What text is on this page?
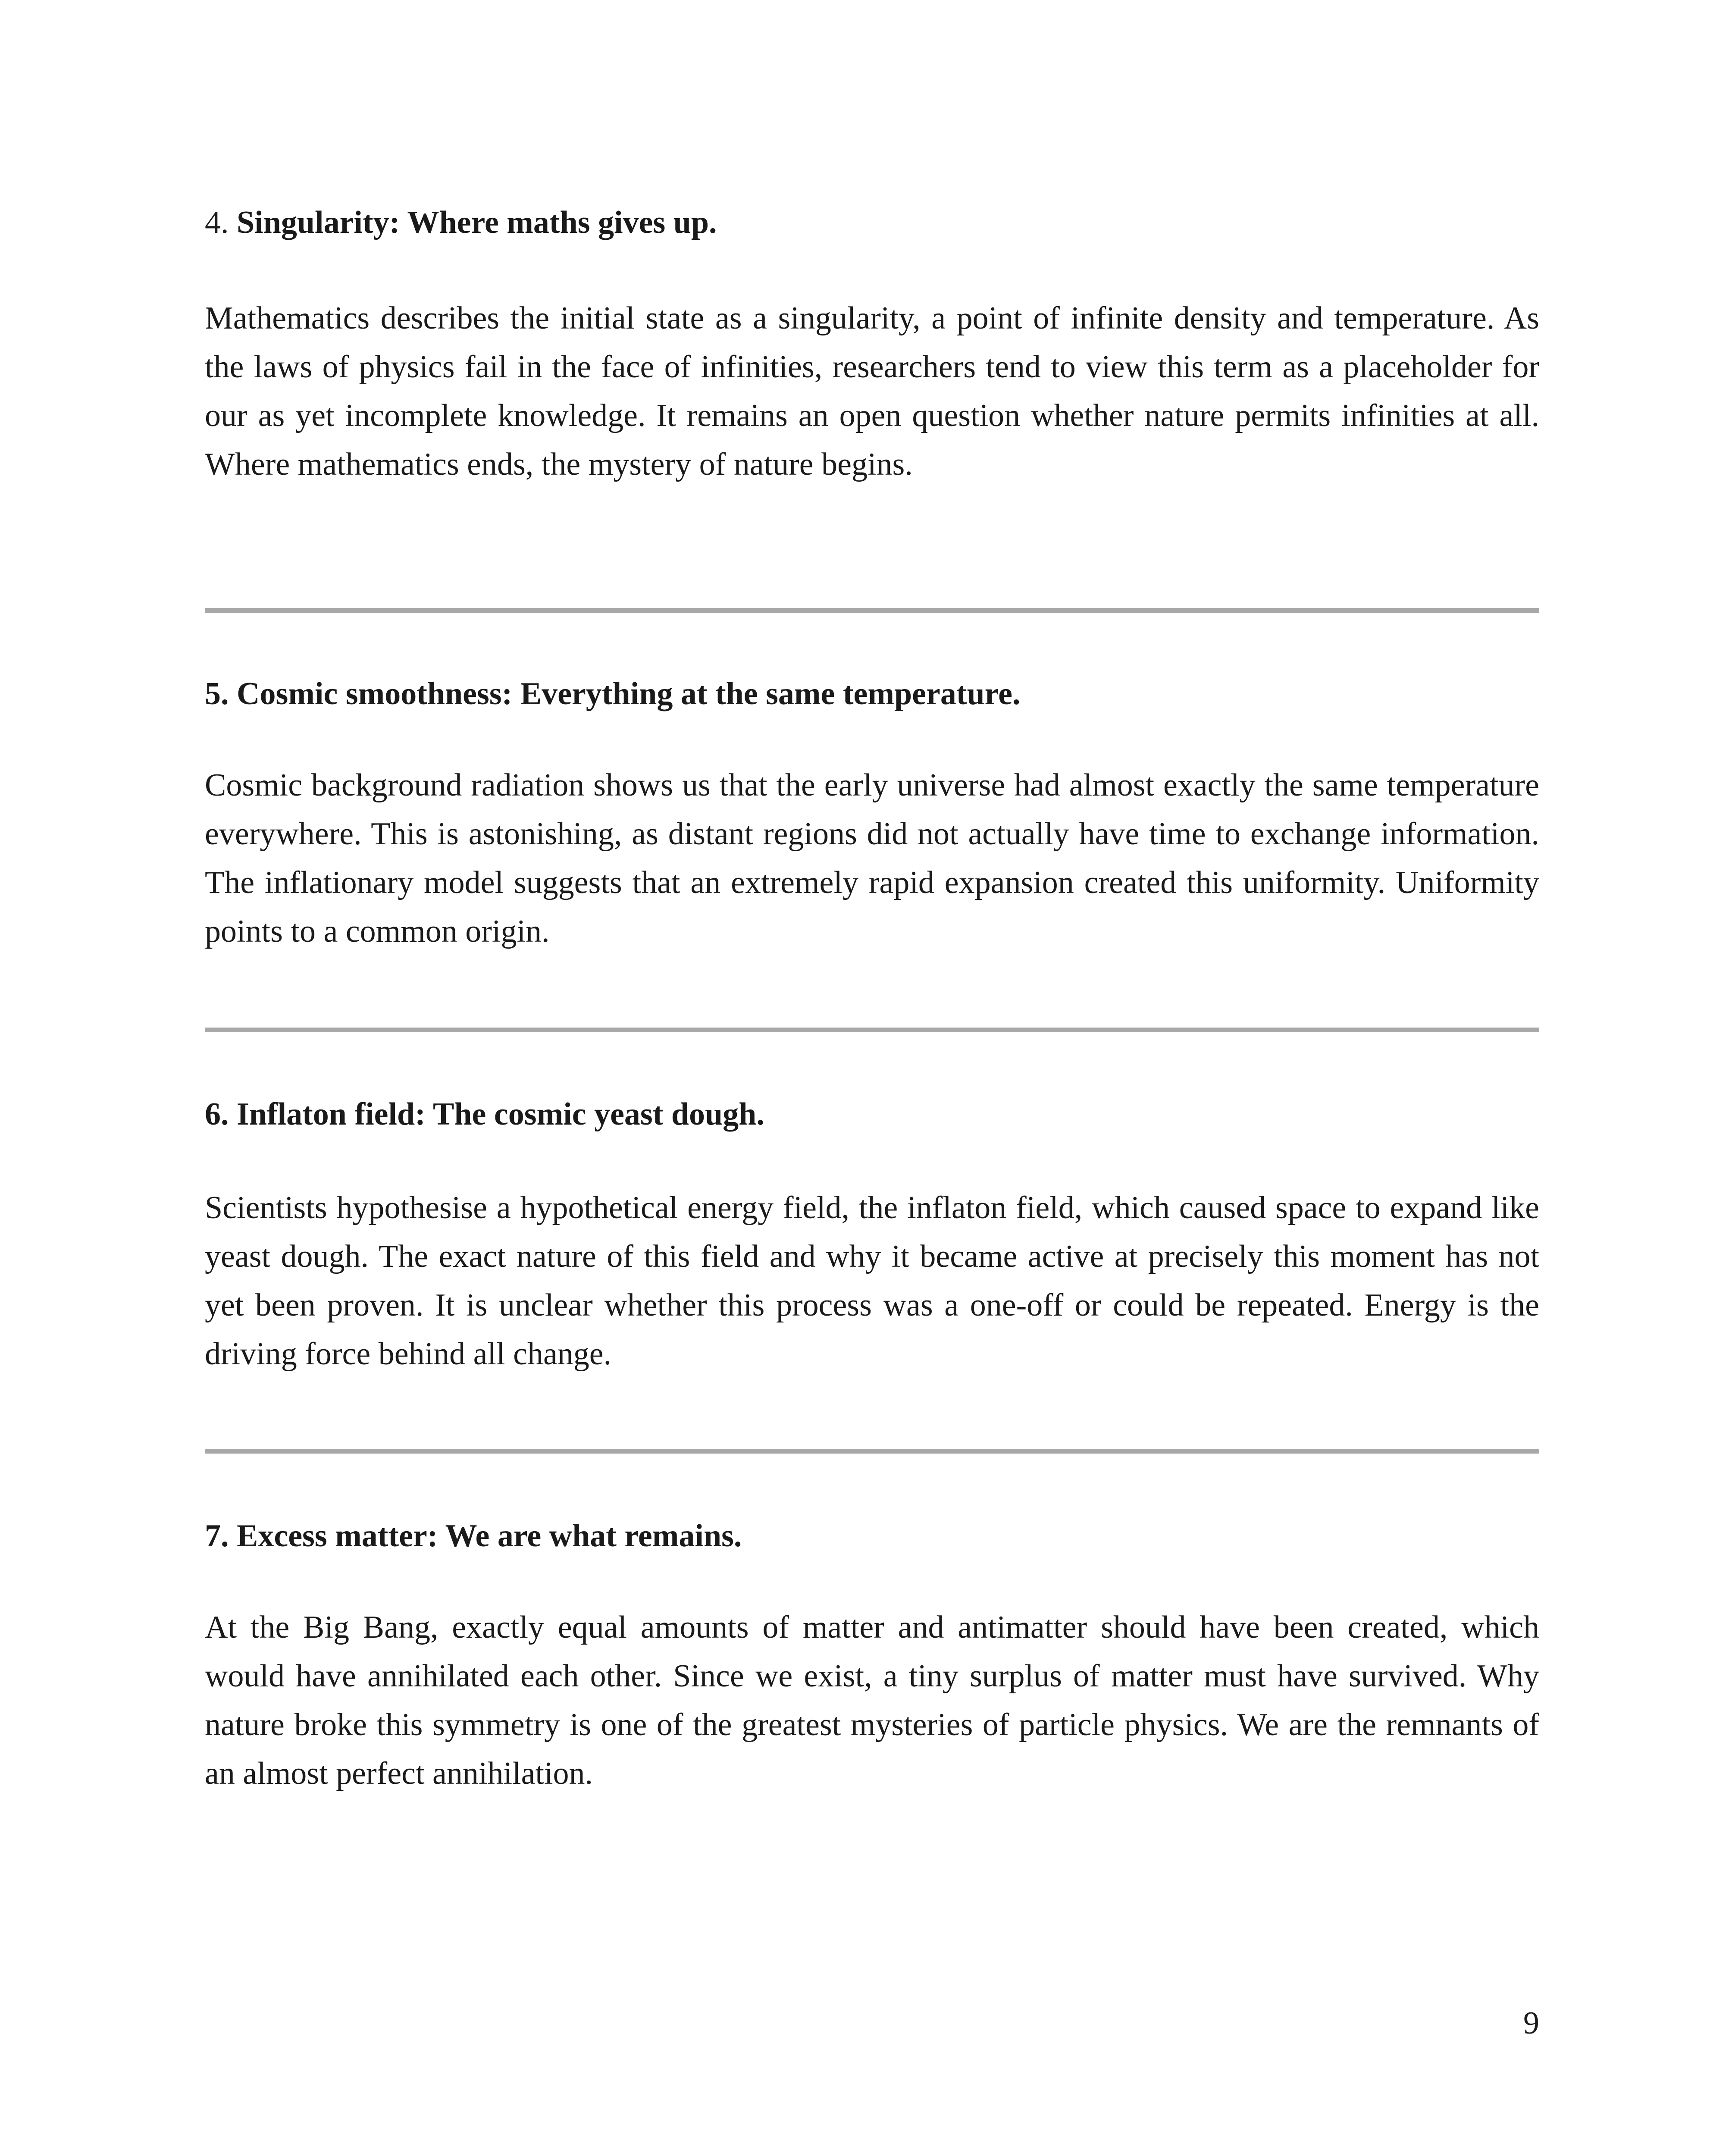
4. Singularity: Where maths gives up.

Mathematics describes the initial state as a singularity, a point of infinite density and temperature. As the laws of physics fail in the face of infinities, researchers tend to view this term as a placeholder for our as yet incomplete knowledge. It remains an open question whether nature permits infinities at all. Where mathematics ends, the mystery of nature begins.

5. Cosmic smoothness: Everything at the same temperature.

Cosmic background radiation shows us that the early universe had almost exactly the same temperature everywhere. This is astonishing, as distant regions did not actually have time to exchange information. The inflationary model suggests that an extremely rapid expansion created this uniformity. Uniformity points to a common origin.

6. Inflaton field: The cosmic yeast dough.

Scientists hypothesise a hypothetical energy field, the inflaton field, which caused space to expand like yeast dough. The exact nature of this field and why it became active at precisely this moment has not yet been proven. It is unclear whether this process was a one-off or could be repeated. Energy is the driving force behind all change.

7. Excess matter: We are what remains.

At the Big Bang, exactly equal amounts of matter and antimatter should have been created, which would have annihilated each other. Since we exist, a tiny surplus of matter must have survived. Why nature broke this symmetry is one of the greatest mysteries of particle physics. We are the remnants of an almost perfect annihilation.

9
